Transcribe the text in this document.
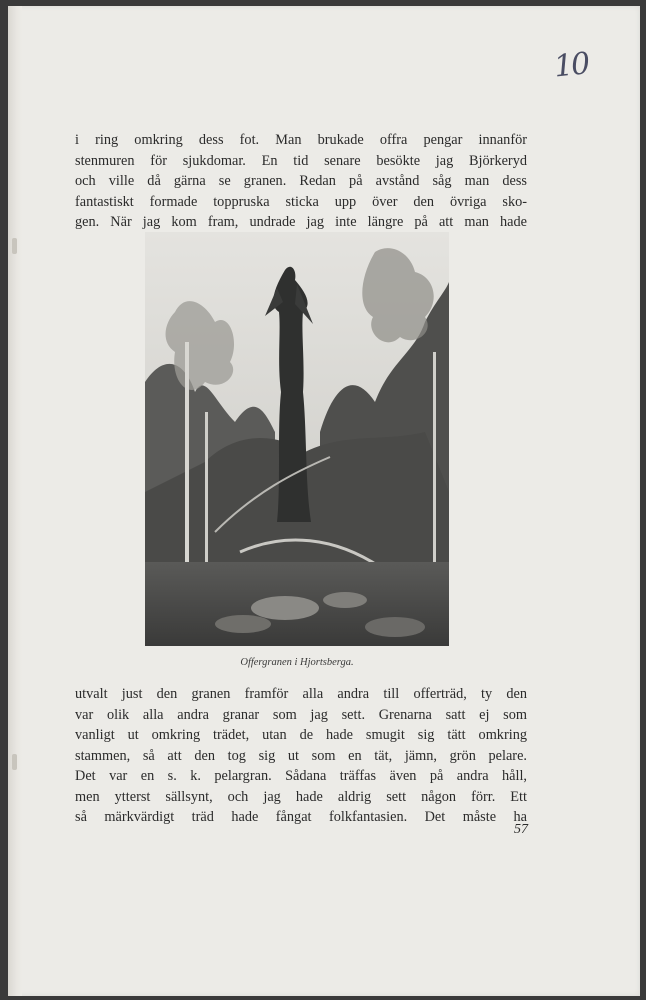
10

i ring omkring dess fot. Man brukade offra pengar innanför
stenmuren för sjukdomar. En tid senare besökte jag Björkeryd
och ville då gärna se granen. Redan på avstånd såg man dess
fantastiskt formade toppruska sticka upp över den övriga sko-
gen. När jag kom fram, undrade jag inte längre på att man hade

Offergranen i Hjortsberga.

utvalt just den granen framför alla andra till offerträd, ty den
var olik alla andra granar som jag sett. Grenarna satt ej som
vanligt ut omkring trädet, utan de hade smugit sig tätt omkring
stammen, så att den tog sig ut som en tät, jämn, grön pelare.
Det var en s. k. pelargran. Sådana träffas även på andra håll,
men ytterst sällsynt, och jag hade aldrig sett någon förr. Ett
så märkvärdigt träd hade fångat folkfantasien. Det måste ha

57
